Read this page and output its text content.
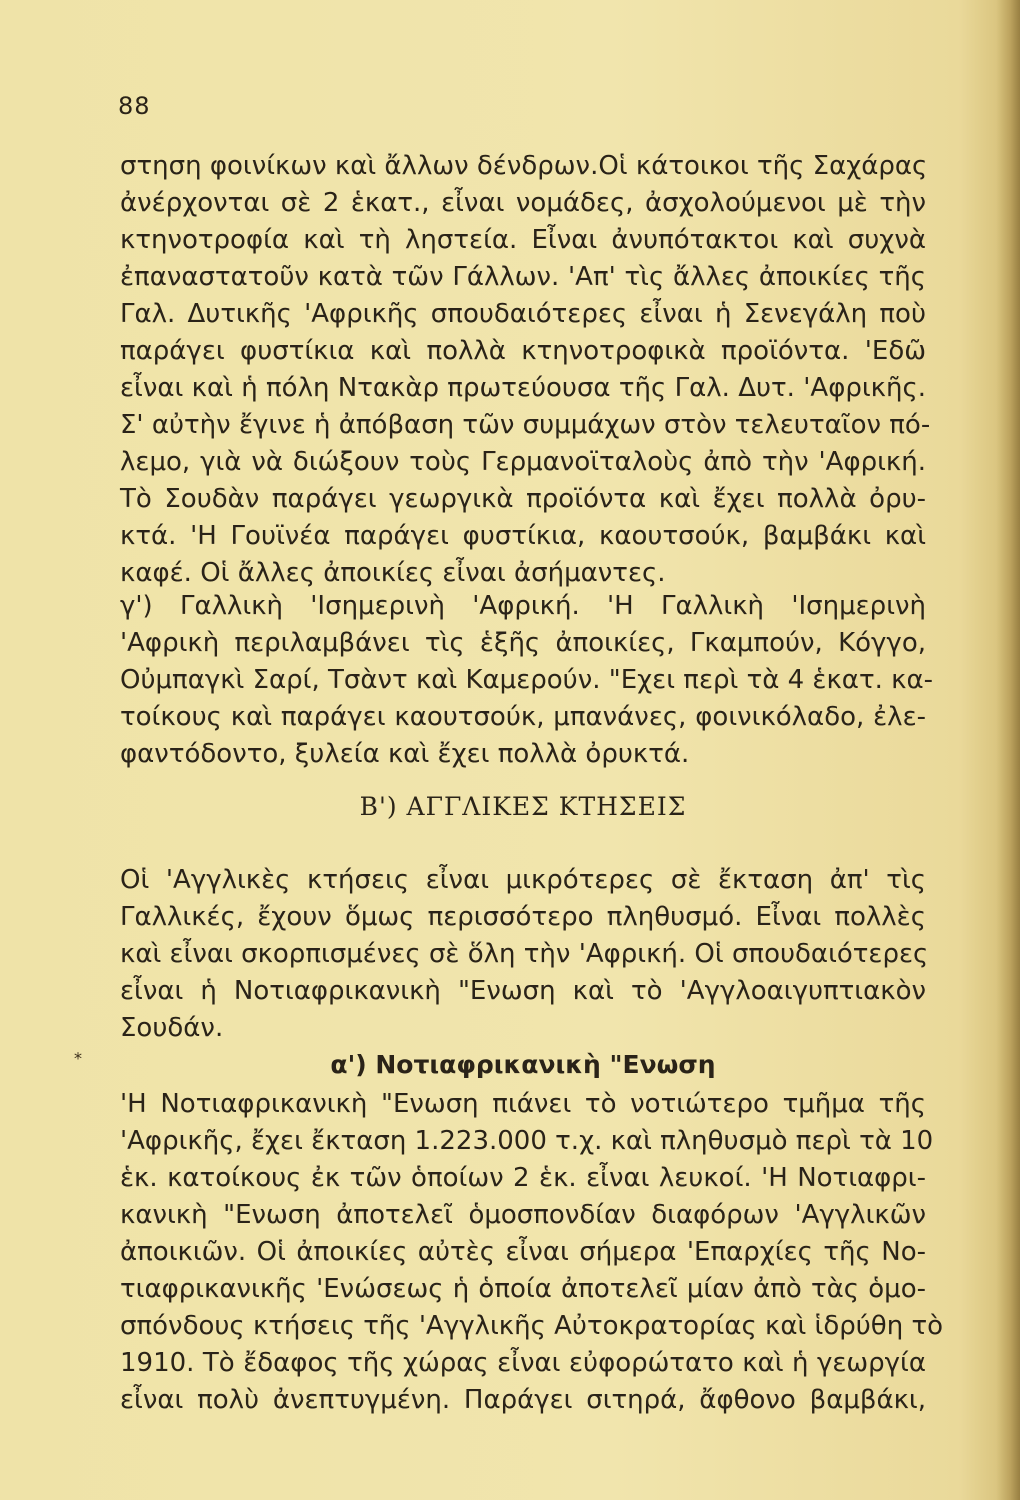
88
στηση φοινίκων καὶ ἄλλων δένδρων.Οἱ κάτοικοι τῆς Σαχάρας
ἀνέρχονται σὲ 2 ἑκατ., εἶναι νομάδες, ἀσχολούμενοι μὲ τὴν
κτηνοτροφία καὶ τὴ ληστεία. Εἶναι ἀνυπότακτοι καὶ συχνὰ
ἐπαναστατοῦν κατὰ τῶν Γάλλων. 'Απ' τὶς ἄλλες ἀποικίες τῆς
Γαλ. Δυτικῆς 'Αφρικῆς σπουδαιότερες εἶναι ἡ Σενεγάλη ποὺ
παράγει φυστίκια καὶ πολλὰ κτηνοτροφικὰ προϊόντα. 'Εδῶ
εἶναι καὶ ἡ πόλη Ντακὰρ πρωτεύουσα τῆς Γαλ. Δυτ. 'Αφρικῆς.
Σ' αὐτὴν ἔγινε ἡ ἀπόβαση τῶν συμμάχων στὸν τελευταῖον πό-
λεμο, γιὰ νὰ διώξουν τοὺς Γερμανοϊταλοὺς ἀπὸ τὴν 'Αφρική.
Τὸ Σουδὰν παράγει γεωργικὰ προϊόντα καὶ ἔχει πολλὰ ὀρυ-
κτά. 'Η Γουϊνέα παράγει φυστίκια, καουτσούκ, βαμβάκι καὶ
καφέ. Οἱ ἄλλες ἀποικίες εἶναι ἀσήμαντες.
γ') Γαλλικὴ 'Ισημερινὴ 'Αφρική. 'Η Γαλλικὴ 'Ισημερινὴ
'Αφρικὴ περιλαμβάνει τὶς ἑξῆς ἀποικίες, Γκαμπούν, Κόγγο,
Οὐμπαγκὶ Σαρί, Τσὰντ καὶ Καμερούν. "Εχει περὶ τὰ 4 ἑκατ. κα-
τοίκους καὶ παράγει καουτσούκ, μπανάνες, φοινικόλαδο, ἐλε-
φαντόδοντο, ξυλεία καὶ ἔχει πολλὰ ὀρυκτά.
Β') ΑΓΓΛΙΚΕΣ ΚΤΗΣΕΙΣ
Οἱ 'Αγγλικὲς κτήσεις εἶναι μικρότερες σὲ ἔκταση ἀπ' τὶς
Γαλλικές, ἔχουν ὅμως περισσότερο πληθυσμό. Εἶναι πολλὲς
καὶ εἶναι σκορπισμένες σὲ ὅλη τὴν 'Αφρική. Οἱ σπουδαιότερες
εἶναι ἡ Νοτιαφρικανικὴ "Ενωση καὶ τὸ 'Αγγλοαιγυπτιακὸν
Σουδάν.
⁎	α') Νοτιαφρικανικὴ "Ενωση
'Η Νοτιαφρικανικὴ "Ενωση πιάνει τὸ νοτιώτερο τμῆμα τῆς
'Αφρικῆς, ἔχει ἔκταση 1.223.000 τ.χ. καὶ πληθυσμὸ περὶ τὰ 10
ἑκ. κατοίκους ἐκ τῶν ὁποίων 2 ἑκ. εἶναι λευκοί. 'Η Νοτιαφρι-
κανικὴ "Ενωση ἀποτελεῖ ὁμοσπονδίαν διαφόρων 'Αγγλικῶν
ἀποικιῶν. Οἱ ἀποικίες αὐτὲς εἶναι σήμερα 'Επαρχίες τῆς Νο-
τιαφρικανικῆς 'Ενώσεως ἡ ὁποία ἀποτελεῖ μίαν ἀπὸ τὰς ὁμο-
σπόνδους κτήσεις τῆς 'Αγγλικῆς Αὐτοκρατορίας καὶ ἱδρύθη τὸ
1910. Τὸ ἔδαφος τῆς χώρας εἶναι εὐφορώτατο καὶ ἡ γεωργία
εἶναι πολὺ ἀνεπτυγμένη. Παράγει σιτηρά, ἄφθονο βαμβάκι,
